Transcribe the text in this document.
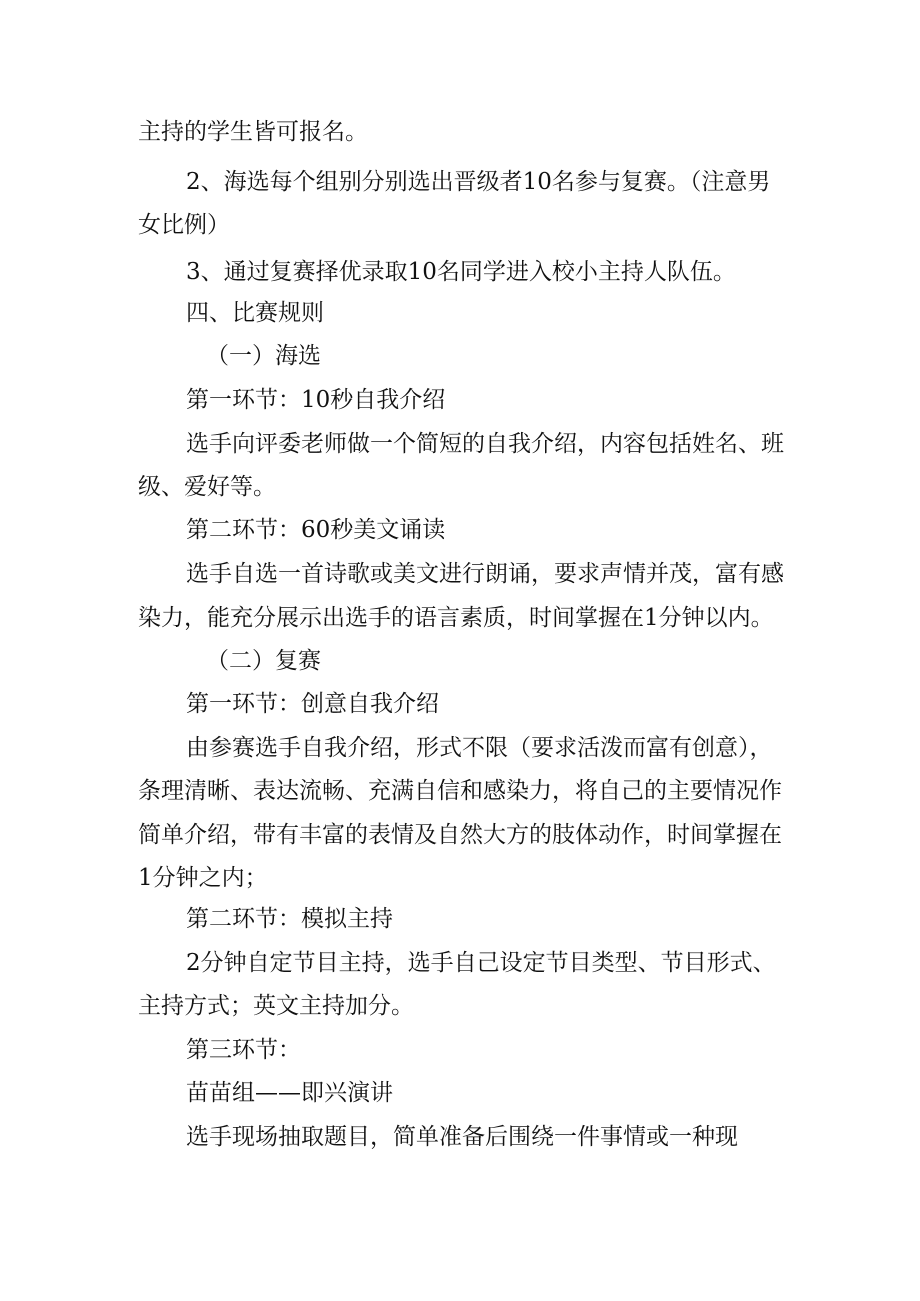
主持的学生皆可报名。
2、海选每个组别分别选出晋级者10名参与复赛。（注意男
女比例）
3、通过复赛择优录取10名同学进入校小主持人队伍。
四、比赛规则
（一）海选
第一环节：10秒自我介绍
选手向评委老师做一个简短的自我介绍，内容包括姓名、班
级、爱好等。
第二环节：60秒美文诵读
选手自选一首诗歌或美文进行朗诵，要求声情并茂，富有感
染力，能充分展示出选手的语言素质，时间掌握在1分钟以内。
（二）复赛
第一环节：创意自我介绍
由参赛选手自我介绍，形式不限（要求活泼而富有创意），
条理清晰、表达流畅、充满自信和感染力，将自己的主要情况作
简单介绍，带有丰富的表情及自然大方的肢体动作，时间掌握在
1分钟之内；
第二环节：模拟主持
2分钟自定节目主持，选手自己设定节目类型、节目形式、
主持方式；英文主持加分。
第三环节：
苗苗组——即兴演讲
选手现场抽取题目，简单准备后围绕一件事情或一种现
